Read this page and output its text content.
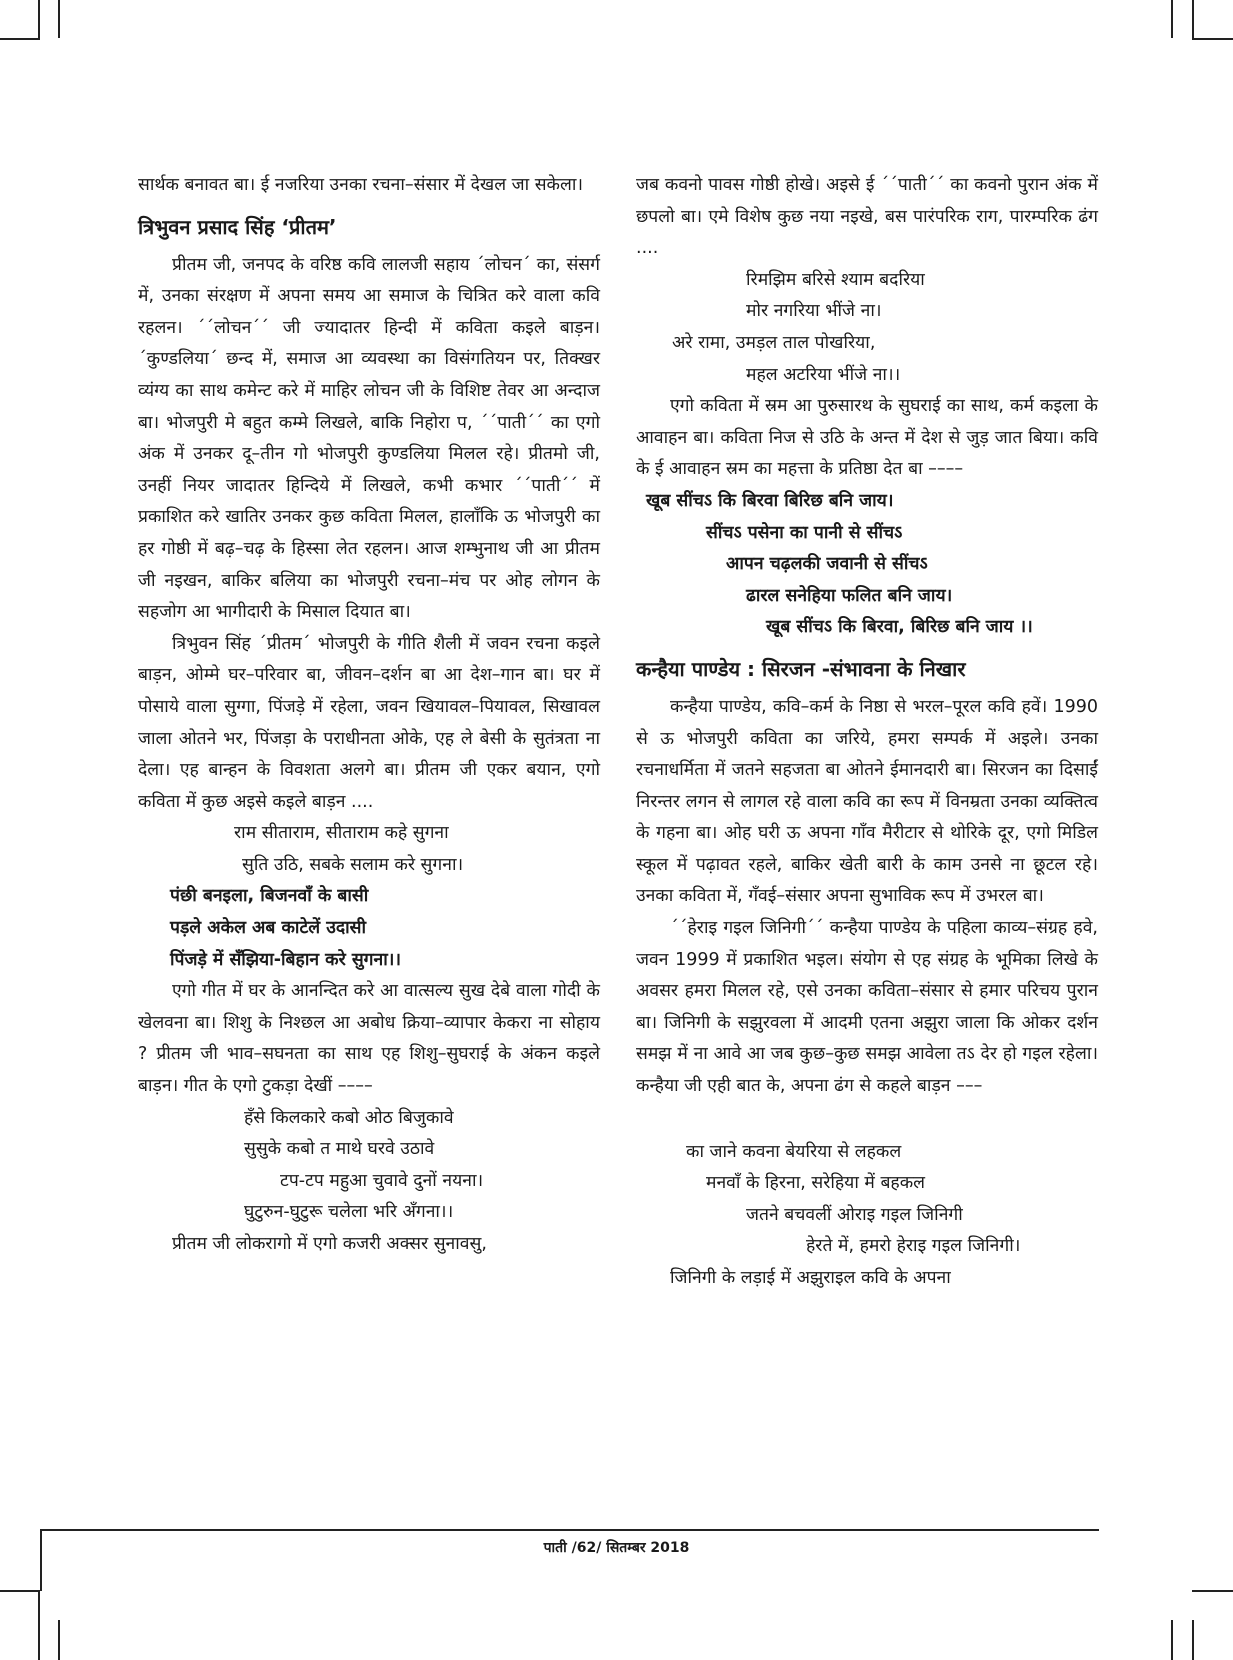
सार्थक बनावत बा। ई नजरिया उनका रचना–संसार में देखल जा सकेला।

त्रिभुवन प्रसाद सिंह ‘प्रीतम’

प्रीतम जी, जनपद के वरिष्ठ कवि लालजी सहाय ´लोचन´ का, संसर्ग में, उनका संरक्षण में अपना समय आ समाज के चित्रित करे वाला कवि रहलन। ´´लोचन´´ जी ज्यादातर हिन्दी में कविता कइले बाड़न। ´कुण्डलिया´ छन्द में, समाज आ व्यवस्था का विसंगतियन पर, तिक्खर व्यंग्य का साथ कमेन्ट करे में माहिर लोचन जी के विशिष्ट तेवर आ अन्दाज बा। भोजपुरी मे बहुत कम्मे लिखले, बाकि निहोरा प, ´´पाती´´ का एगो अंक में उनकर दू–तीन गो भोजपुरी कुण्डलिया मिलल रहे। प्रीतमो जी, उनहीं नियर जादातर हिन्दिये में लिखले, कभी कभार ´´पाती´´ में प्रकाशित करे खातिर उनकर कुछ कविता मिलल, हालाँकि ऊ भोजपुरी का हर गोष्ठी में बढ़–चढ़ के हिस्सा लेत रहलन। आज शम्भुनाथ जी आ प्रीतम जी नइखन, बाकिर बलिया का भोजपुरी रचना–मंच पर ओह लोगन के सहजोग आ भागीदारी के मिसाल दियात बा।

त्रिभुवन सिंह ´प्रीतम´ भोजपुरी के गीति शैली में जवन रचना कइले बाड़न, ओम्मे घर–परिवार बा, जीवन–दर्शन बा आ देश–गान बा। घर में पोसाये वाला सुग्गा, पिंजड़े में रहेला, जवन खियावल–पियावल, सिखावल जाला ओतने भर, पिंजड़ा के पराधीनता ओके, एह ले बेसी के सुतंत्रता ना देला। एह बान्हन के विवशता अलगे बा। प्रीतम जी एकर बयान, एगो कविता में कुछ अइसे कइले बाड़न ....

राम सीताराम, सीताराम कहे सुगना

सुति उठि, सबके सलाम करे सुगना।

पंछी बनइला, बिजनवाँ के बासी

पड़ले अकेल अब काटेलें उदासी

पिंजड़े में सँझिया-बिहान करे सुगना।।

एगो गीत में घर के आनन्दित करे आ वात्सल्य सुख देबे वाला गोदी के खेलवना बा। शिशु के निश्छल आ अबोध क्रिया–व्यापार केकरा ना सोहाय ? प्रीतम जी भाव–सघनता का साथ एह शिशु–सुघराई के अंकन कइले बाड़न। गीत के एगो टुकड़ा देखीं ––––

हँसे किलकारे कबो ओठ बिजुकावे

सुसुके कबो त माथे घरवे उठावे

टप-टप महुआ चुवावे दुनों नयना।

घुटुरुन-घुटुरू चलेला भरि अँगना।।

प्रीतम जी लोकरागो में एगो कजरी अक्सर सुनावसु,

जब कवनो पावस गोष्ठी होखे। अइसे ई ´´पाती´´ का कवनो पुरान अंक में छपलो बा। एमे विशेष कुछ नया नइखे, बस पारंपरिक राग, पारम्परिक ढंग ....

रिमझिम बरिसे श्याम बदरिया

मोर नगरिया भींजे ना।

अरे रामा, उमड़ल ताल पोखरिया,

महल अटरिया भींजे ना।।

एगो कविता में स्रम आ पुरुसारथ के सुघराई का साथ, कर्म कइला के आवाहन बा। कविता निज से उठि के अन्त में देश से जुड़ जात बिया। कवि के ई आवाहन स्रम का महत्ता के प्रतिष्ठा देत बा ––––

खूब सींचऽ कि बिरवा बिरिछ बनि जाय।

सींचऽ पसेना का पानी से सींचऽ

आपन चढ़लकी जवानी से सींचऽ

ढारल सनेहिया फलित बनि जाय।

खूब सींचऽ कि बिरवा, बिरिछ बनि जाय ।।

कन्हैया पाण्डेय : सिरजन -संभावना के निखार

कन्हैया पाण्डेय, कवि–कर्म के निष्ठा से भरल–पूरल कवि हवें। 1990 से ऊ भोजपुरी कविता का जरिये, हमरा सम्पर्क में अइले। उनका रचनाधर्मिता में जतने सहजता बा ओतने ईमानदारी बा। सिरजन का दिसाईं निरन्तर लगन से लागल रहे वाला कवि का रूप में विनम्रता उनका व्यक्तित्व के गहना बा। ओह घरी ऊ अपना गाँव मैरीटार से थोरिके दूर, एगो मिडिल स्कूल में पढ़ावत रहले, बाकिर खेती बारी के काम उनसे ना छूटल रहे। उनका कविता में, गँवई–संसार अपना सुभाविक रूप में उभरल बा।

´´हेराइ गइल जिनिगी´´ कन्हैया पाण्डेय के पहिला काव्य–संग्रह हवे, जवन 1999 में प्रकाशित भइल। संयोग से एह संग्रह के भूमिका लिखे के अवसर हमरा मिलल रहे, एसे उनका कविता–संसार से हमार परिचय पुरान बा। जिनिगी के सझुरवला में आदमी एतना अझुरा जाला कि ओकर दर्शन समझ में ना आवे आ जब कुछ–कुछ समझ आवेला तऽ देर हो गइल रहेला। कन्हैया जी एही बात के, अपना ढंग से कहले बाड़न –––

का जाने कवना बेयरिया से लहकल

मनवाँ के हिरना, सरेहिया में बहकल

जतने बचवलीं ओराइ गइल जिनिगी

हेरते में, हमरो हेराइ गइल जिनिगी।

जिनिगी के लड़ाई में अझुराइल कवि के अपना

पाती /62/ सितम्बर 2018
